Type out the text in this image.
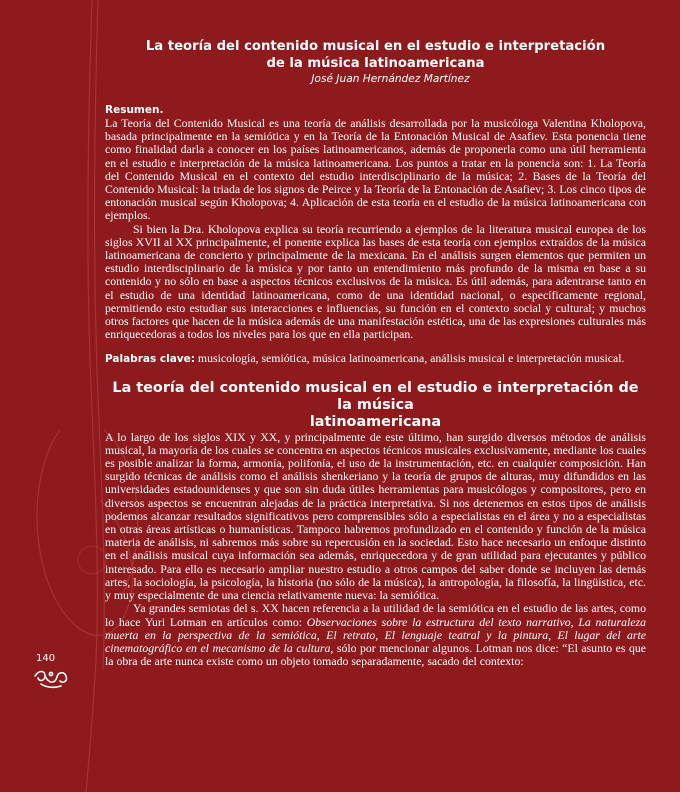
La teoría del contenido musical en el estudio e interpretación
de la música latinoamericana

José Juan Hernández Martínez

Resumen.

La Teoría del Contenido Musical es una teoría de análisis desarrollada por la musicóloga Valentina Kholopova, basada principalmente en la semiótica y en la Teoría de la Entonación Musical de Asafiev. Esta ponencia tiene como finalidad darla a conocer en los países latinoamericanos, además de proponerla como una útil herramienta en el estudio e interpretación de la música latinoamericana. Los puntos a tratar en la ponencia son: 1. La Teoría del Contenido Musical en el contexto del estudio interdisciplinario de la música; 2. Bases de la Teoría del Contenido Musical: la triada de los signos de Peirce y la Teoría de la Entonación de Asafiev; 3. Los cinco tipos de entonación musical según Kholopova; 4. Aplicación de esta teoría en el estudio de la música latinoamericana con ejemplos.

Si bien la Dra. Kholopova explica su teoría recurriendo a ejemplos de la literatura musical europea de los siglos XVII al XX principalmente, el ponente explica las bases de esta teoría con ejemplos extraídos de la música latinoamericana de concierto y principalmente de la mexicana. En el análisis surgen elementos que permiten un estudio interdisciplinario de la música y por tanto un entendimiento más profundo de la misma en base a su contenido y no sólo en base a aspectos técnicos exclusivos de la música. Es útil además, para adentrarse tanto en el estudio de una identidad latinoamericana, como de una identidad nacional, o específicamente regional, permitiendo esto estudiar sus interacciones e influencias, su función en el contexto social y cultural; y muchos otros factores que hacen de la música además de una manifestación estética, una de las expresiones culturales más enriquecedoras a todos los niveles para los que en ella participan.

Palabras clave: musicología, semiótica, música latinoamericana, análisis musical e interpretación musical.

La teoría del contenido musical en el estudio e interpretación de la música
latinoamericana

A lo largo de los siglos XIX y XX, y principalmente de este último, han surgido diversos métodos de análisis musical, la mayoría de los cuales se concentra en aspectos técnicos musicales exclusivamente, mediante los cuales es posible analizar la forma, armonía, polifonía, el uso de la instrumentación, etc. en cualquier composición. Han surgido técnicas de análisis como el análisis shenkeriano y la teoría de grupos de alturas, muy difundidos en las universidades estadounidenses y que son sin duda útiles herramientas para musicólogos y compositores, pero en diversos aspectos se encuentran alejadas de la práctica interpretativa. Si nos detenemos en estos tipos de análisis podemos alcanzar resultados significativos pero comprensibles sólo a especialistas en el área y no a especialistas en otras áreas artísticas o humanísticas. Tampoco habremos profundizado en el contenido y función de la música materia de análisis, ni sabremos más sobre su repercusión en la sociedad. Esto hace necesario un enfoque distinto en el análisis musical cuya información sea además, enriquecedora y de gran utilidad para ejecutantes y público interesado. Para ello es necesario ampliar nuestro estudio a otros campos del saber donde se incluyen las demás artes, la sociología, la psicología, la historia (no sólo de la música), la antropología, la filosofía, la lingüística, etc. y muy especialmente de una ciencia relativamente nueva: la semiótica.

Ya grandes semiotas del s. XX hacen referencia a la utilidad de la semiótica en el estudio de las artes, como lo hace Yuri Lotman en artículos como: Observaciones sobre la estructura del texto narrativo, La naturaleza muerta en la perspectiva de la semiótica, El retrato, El lenguaje teatral y la pintura, El lugar del arte cinematográfico en el mecanismo de la cultura, sólo por mencionar algunos. Lotman nos dice: “El asunto es que la obra de arte nunca existe como un objeto tomado separadamente, sacado del contexto:

140
